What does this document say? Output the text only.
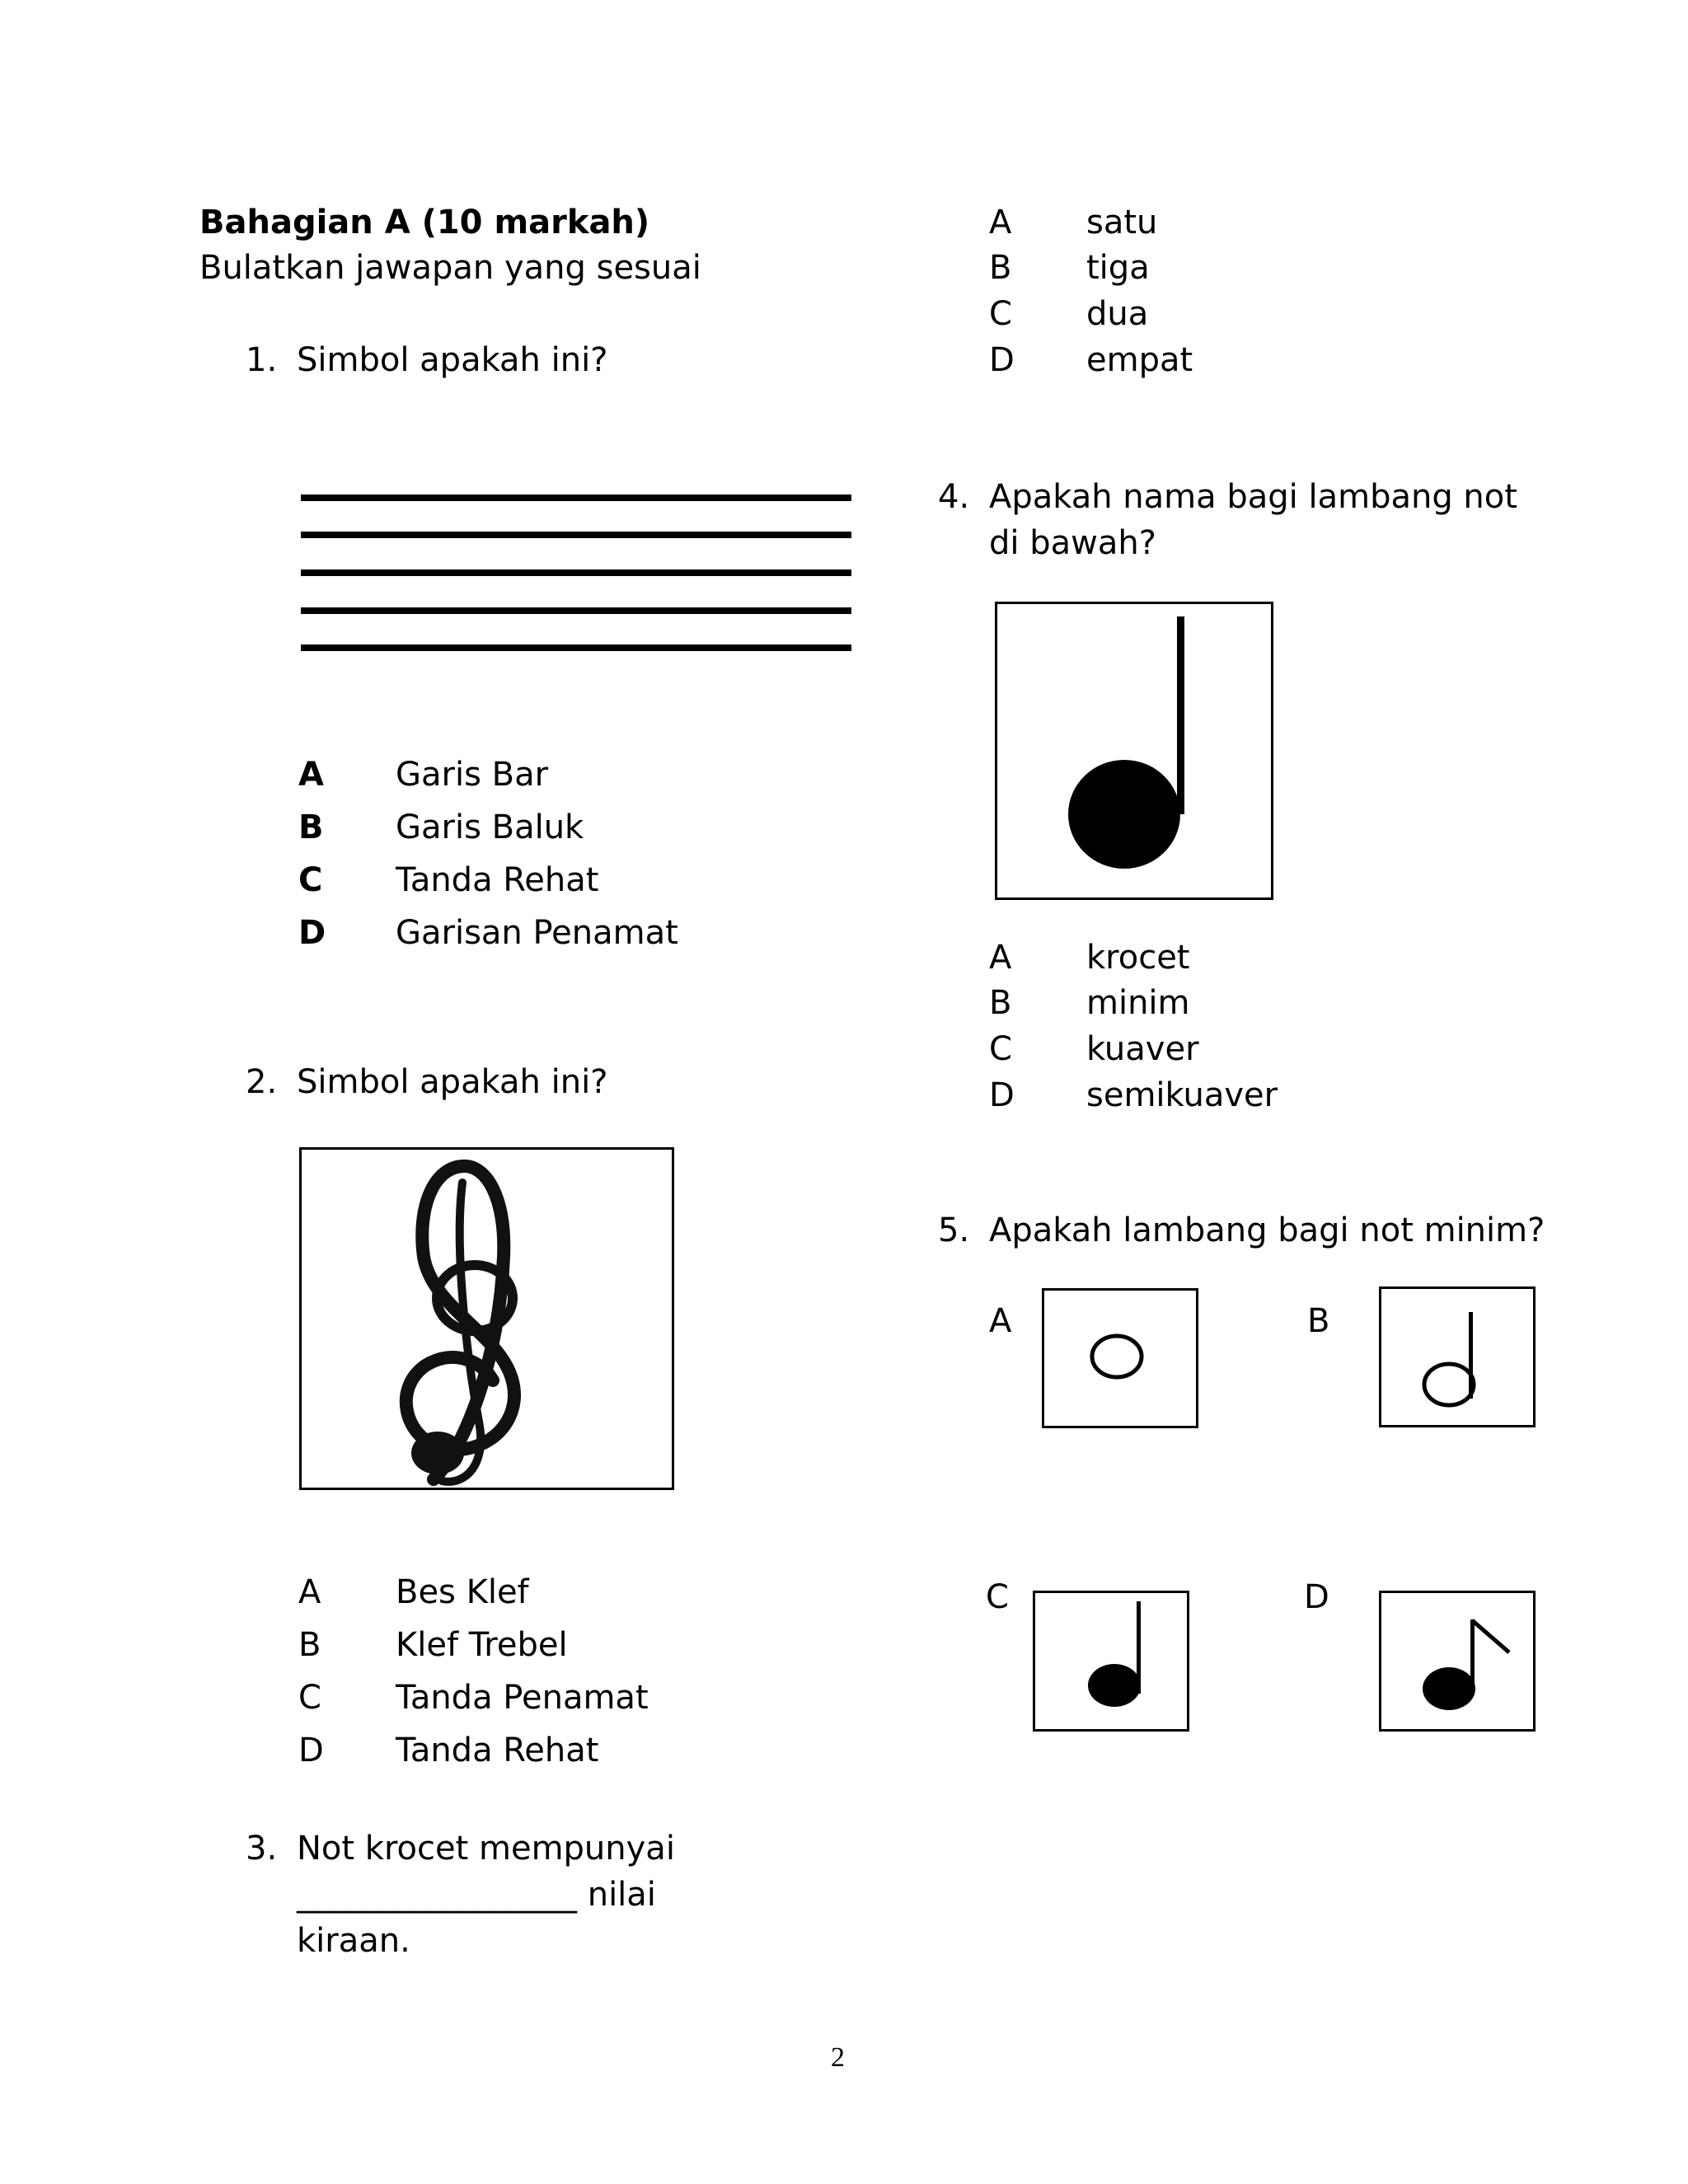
Bahagian A (10 markah)
Bulatkan jawapan yang sesuai
1. Simbol apakah ini?
A Garis Bar
B Garis Baluk
C Tanda Rehat
D Garisan Penamat
2. Simbol apakah ini?
A Bes Klef
B Klef Trebel
C Tanda Penamat
D Tanda Rehat
3. Not krocet mempunyai
_________________ nilai
kiraan.
A satu
B tiga
C dua
D empat
4. Apakah nama bagi lambang not
di bawah?
A krocet
B minim
C kuaver
D semikuaver
5. Apakah lambang bagi not minim?
A	B
C	D
2
